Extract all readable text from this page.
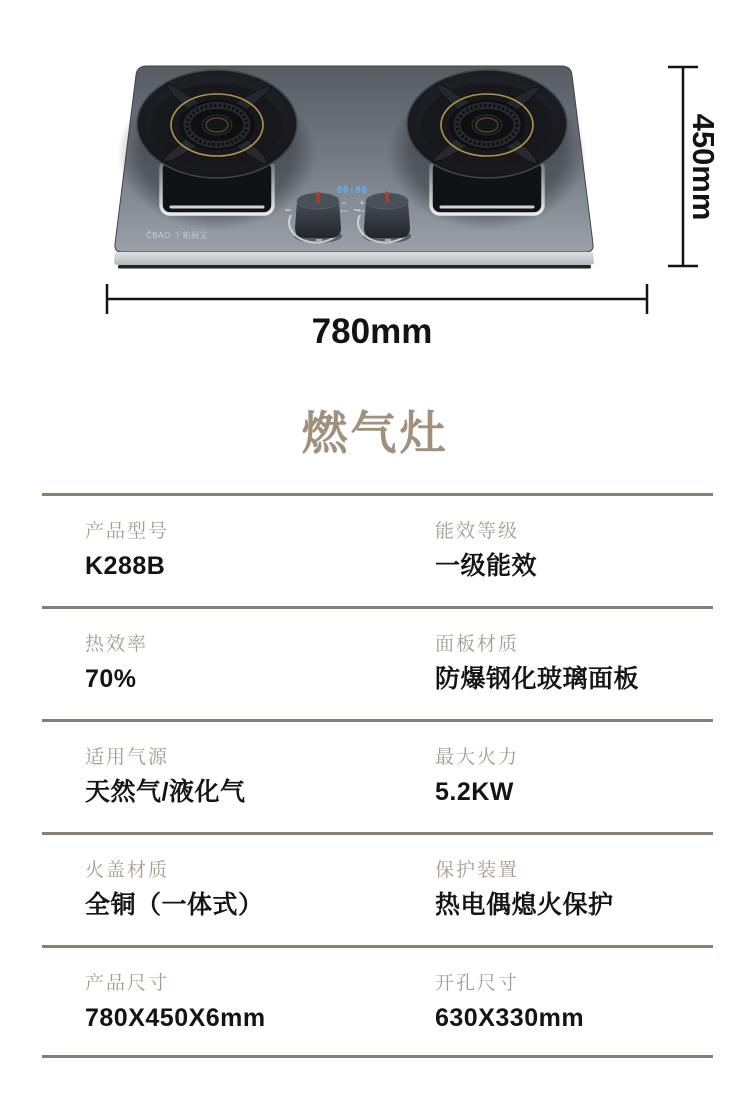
80:80
− +
ĈBAO·千帕厨宝
450mm
780mm
燃气灶
产品型号
K288B
能效等级
一级能效
热效率
70%
面板材质
防爆钢化玻璃面板
适用气源
天然气/液化气
最大火力
5.2KW
火盖材质
全铜（一体式）
保护装置
热电偶熄火保护
产品尺寸
780X450X6mm
开孔尺寸
630X330mm
